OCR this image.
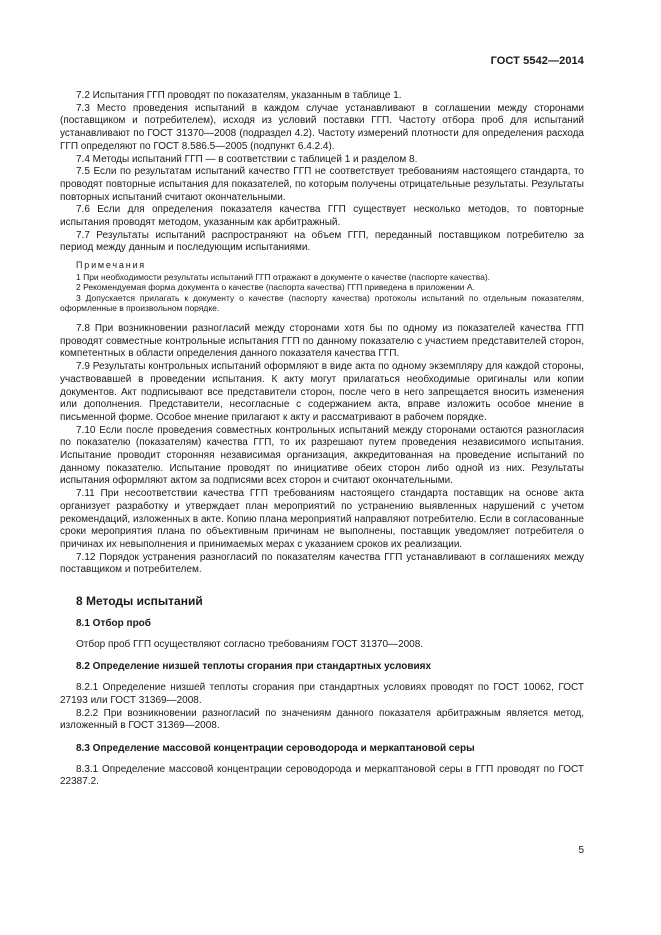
ГОСТ 5542—2014

7.2 Испытания ГГП проводят по показателям, указанным в таблице 1.

7.3 Место проведения испытаний в каждом случае устанавливают в соглашении между сторонами (поставщиком и потребителем), исходя из условий поставки ГГП. Частоту отбора проб для испытаний устанавливают по ГОСТ 31370—2008 (подраздел 4.2). Частоту измерений плотности для определения расхода ГГП определяют по ГОСТ 8.586.5—2005 (подпункт 6.4.2.4).

7.4 Методы испытаний ГГП — в соответствии с таблицей 1 и разделом 8.

7.5 Если по результатам испытаний качество ГГП не соответствует требованиям настоящего стандарта, то проводят повторные испытания для показателей, по которым получены отрицательные результаты. Результаты повторных испытаний считают окончательными.

7.6 Если для определения показателя качества ГГП существует несколько методов, то повторные испытания проводят методом, указанным как арбитражный.

7.7 Результаты испытаний распространяют на объем ГГП, переданный поставщиком потребителю за период между данным и последующим испытаниями.

Примечания

1 При необходимости результаты испытаний ГГП отражают в документе о качестве (паспорте качества).

2 Рекомендуемая форма документа о качестве (паспорта качества) ГГП приведена в приложении А.

3 Допускается прилагать к документу о качестве (паспорту качества) протоколы испытаний по отдельным показателям, оформленные в произвольном порядке.

7.8 При возникновении разногласий между сторонами хотя бы по одному из показателей качества ГГП проводят совместные контрольные испытания ГГП по данному показателю с участием представителей сторон, компетентных в области определения данного показателя качества ГГП.

7.9 Результаты контрольных испытаний оформляют в виде акта по одному экземпляру для каждой стороны, участвовавшей в проведении испытания. К акту могут прилагаться необходимые оригиналы или копии документов. Акт подписывают все представители сторон, после чего в него запрещается вносить изменения или дополнения. Представители, несогласные с содержанием акта, вправе изложить особое мнение в письменной форме. Особое мнение прилагают к акту и рассматривают в рабочем порядке.

7.10 Если после проведения совместных контрольных испытаний между сторонами остаются разногласия по показателю (показателям) качества ГГП, то их разрешают путем проведения независимого испытания. Испытание проводит сторонняя независимая организация, аккредитованная на проведение испытаний по данному показателю. Испытание проводят по инициативе обеих сторон либо одной из них. Результаты испытания оформляют актом за подписями всех сторон и считают окончательными.

7.11 При несоответствии качества ГГП требованиям настоящего стандарта поставщик на основе акта организует разработку и утверждает план мероприятий по устранению выявленных нарушений с учетом рекомендаций, изложенных в акте. Копию плана мероприятий направляют потребителю. Если в согласованные сроки мероприятия плана по объективным причинам не выполнены, поставщик уведомляет потребителя о причинах их невыполнения и принимаемых мерах с указанием сроков их реализации.

7.12 Порядок устранения разногласий по показателям качества ГГП устанавливают в соглашениях между поставщиком и потребителем.

8 Методы испытаний
8.1 Отбор проб

Отбор проб ГГП осуществляют согласно требованиям ГОСТ 31370—2008.

8.2 Определение низшей теплоты сгорания при стандартных условиях

8.2.1 Определение низшей теплоты сгорания при стандартных условиях проводят по ГОСТ 10062, ГОСТ 27193 или ГОСТ 31369—2008.

8.2.2 При возникновении разногласий по значениям данного показателя арбитражным является метод, изложенный в ГОСТ 31369—2008.

8.3 Определение массовой концентрации сероводорода и меркаптановой серы

8.3.1 Определение массовой концентрации сероводорода и меркаптановой серы в ГГП проводят по ГОСТ 22387.2.

5
